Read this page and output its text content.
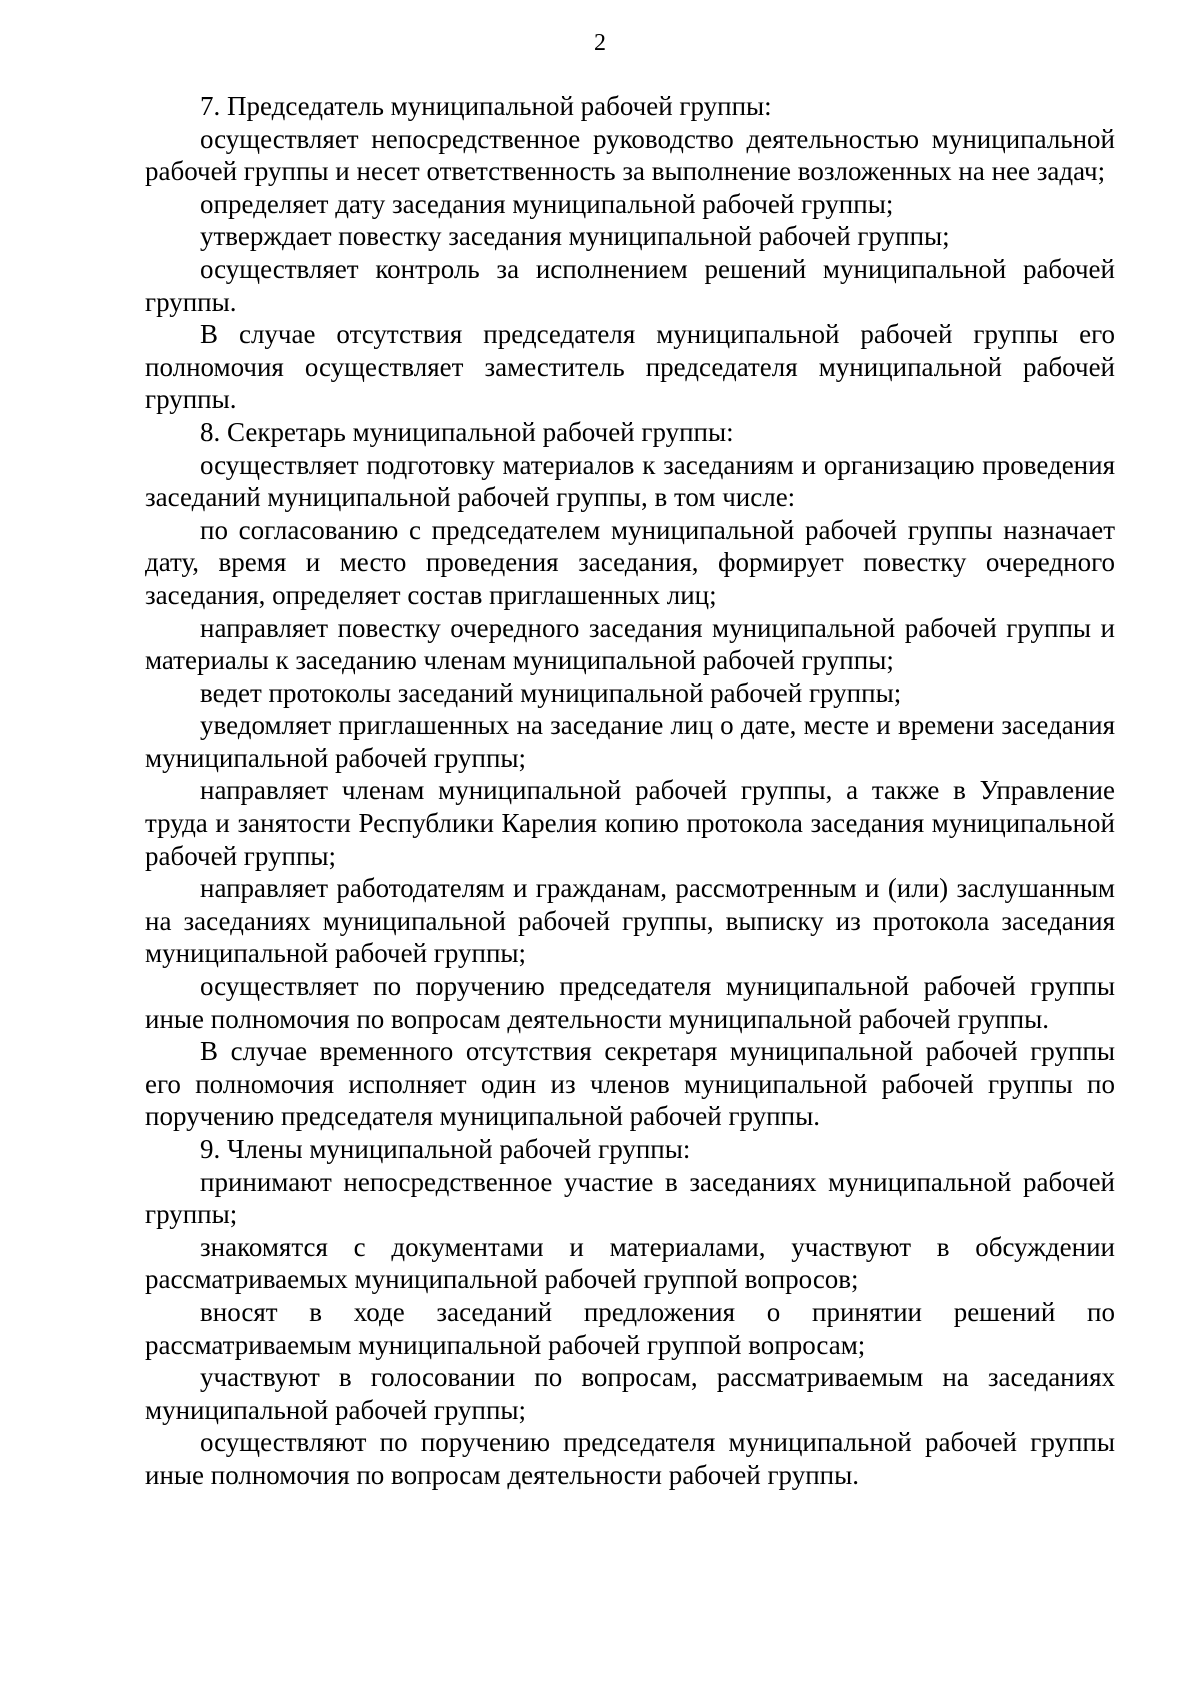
2

7. Председатель муниципальной рабочей группы:

осуществляет непосредственное руководство деятельностью муниципальной рабочей группы и несет ответственность за выполнение возложенных на нее задач;

определяет дату заседания муниципальной рабочей группы;

утверждает повестку заседания муниципальной рабочей группы;

осуществляет контроль за исполнением решений муниципальной рабочей группы.

В случае отсутствия председателя муниципальной рабочей группы его полномочия осуществляет заместитель председателя муниципальной рабочей группы.

8. Секретарь муниципальной рабочей группы:

осуществляет подготовку материалов к заседаниям и организацию проведения заседаний муниципальной рабочей группы, в том числе:

по согласованию с председателем муниципальной рабочей группы назначает дату, время и место проведения заседания, формирует повестку очередного заседания, определяет состав приглашенных лиц;

направляет повестку очередного заседания муниципальной рабочей группы и материалы к заседанию членам муниципальной рабочей группы;

ведет протоколы заседаний муниципальной рабочей группы;

уведомляет приглашенных на заседание лиц о дате, месте и времени заседания муниципальной рабочей группы;

направляет членам муниципальной рабочей группы, а также в Управление труда и занятости Республики Карелия копию протокола заседания муниципальной рабочей группы;

направляет работодателям и гражданам, рассмотренным и (или) заслушанным на заседаниях муниципальной рабочей группы, выписку из протокола заседания муниципальной рабочей группы;

осуществляет по поручению председателя муниципальной рабочей группы иные полномочия по вопросам деятельности муниципальной рабочей группы.

В случае временного отсутствия секретаря муниципальной рабочей группы его полномочия исполняет один из членов муниципальной рабочей группы по поручению председателя муниципальной рабочей группы.

9. Члены муниципальной рабочей группы:

принимают непосредственное участие в заседаниях муниципальной рабочей группы;

знакомятся с документами и материалами, участвуют в обсуждении рассматриваемых муниципальной рабочей группой вопросов;

вносят в ходе заседаний предложения о принятии решений по рассматриваемым муниципальной рабочей группой вопросам;

участвуют в голосовании по вопросам, рассматриваемым на заседаниях муниципальной рабочей группы;

осуществляют по поручению председателя муниципальной рабочей группы иные полномочия по вопросам деятельности рабочей группы.
